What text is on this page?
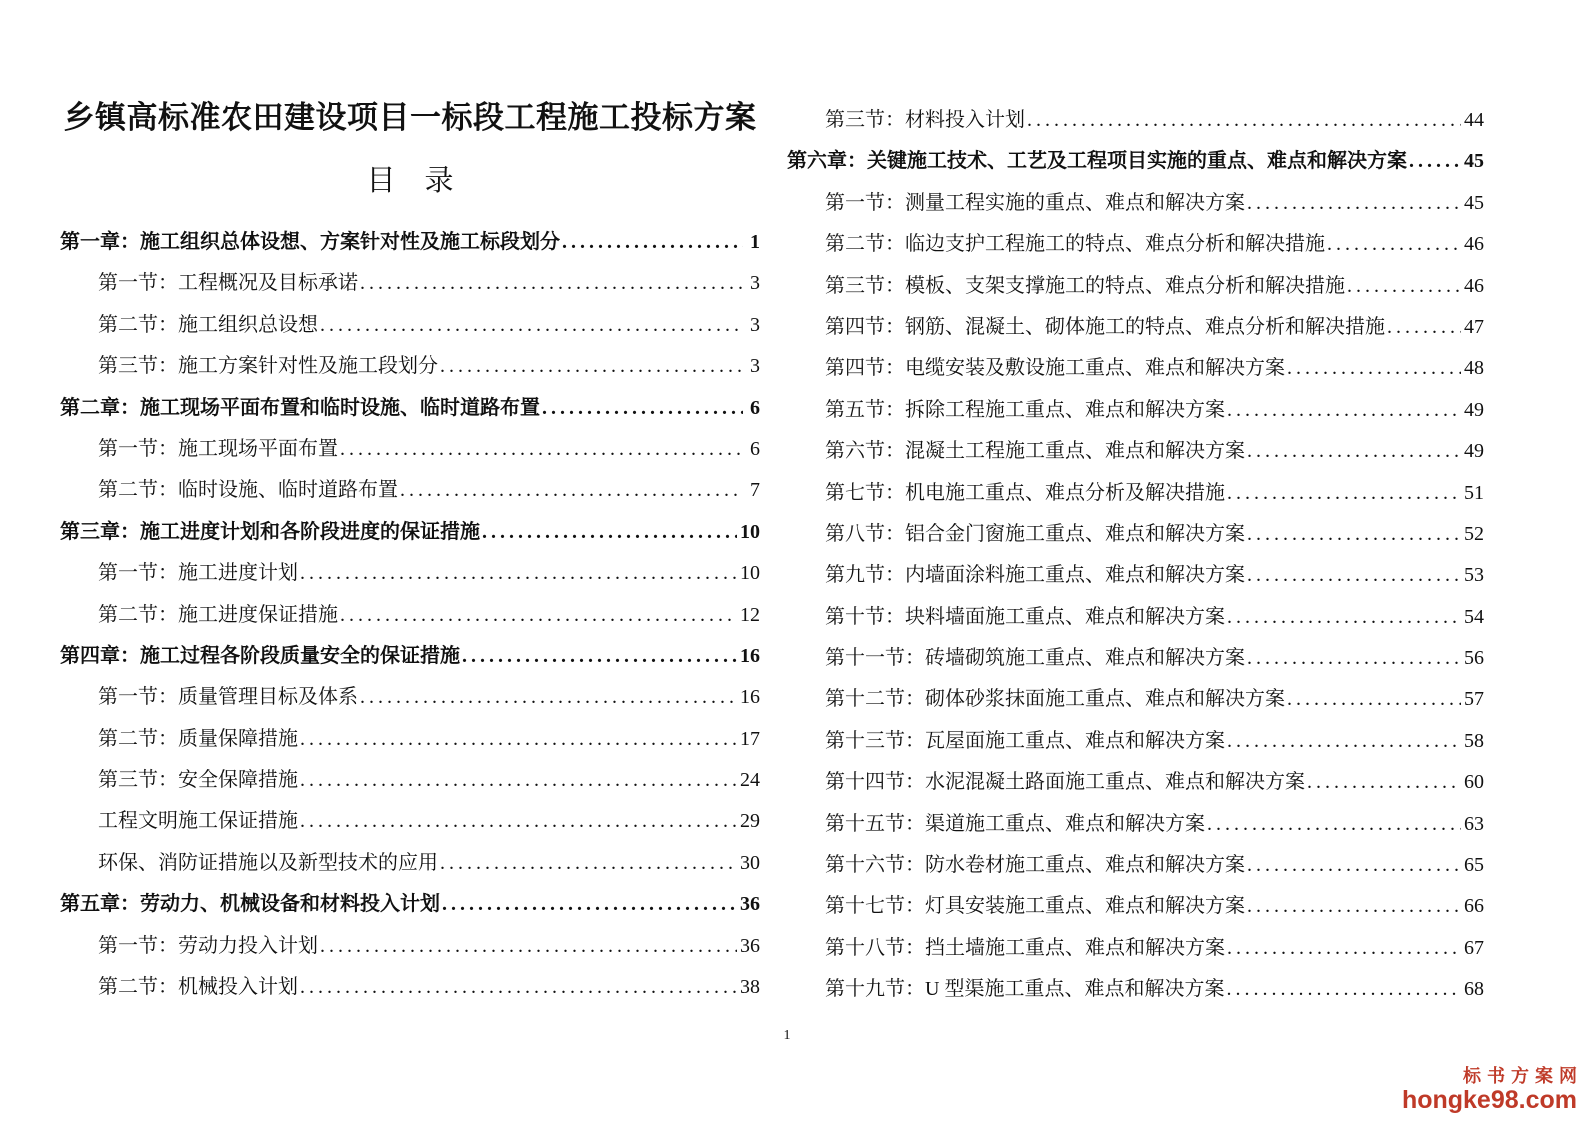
乡镇高标准农田建设项目一标段工程施工投标方案
目　录
第一章：施工组织总体设想、方案针对性及施工标段划分 .....	1
第一节：工程概况及目标承诺 .....	3
第二节：施工组织总设想 .....	3
第三节：施工方案针对性及施工段划分 .....	3
第二章：施工现场平面布置和临时设施、临时道路布置 .....	6
第一节：施工现场平面布置 .....	6
第二节：临时设施、临时道路布置 .....	7
第三章：施工进度计划和各阶段进度的保证措施 .....	10
第一节：施工进度计划 .....	10
第二节：施工进度保证措施 .....	12
第四章：施工过程各阶段质量安全的保证措施 .....	16
第一节：质量管理目标及体系 .....	16
第二节：质量保障措施 .....	17
第三节：安全保障措施 .....	24
工程文明施工保证措施 .....	29
环保、消防证措施以及新型技术的应用 .....	30
第五章：劳动力、机械设备和材料投入计划 .....	36
第一节：劳动力投入计划 .....	36
第二节：机械投入计划 .....	38
第三节：材料投入计划 .....	44
第六章：关键施工技术、工艺及工程项目实施的重点、难点和解决方案 .....	45
第一节：测量工程实施的重点、难点和解决方案 .....	45
第二节：临边支护工程施工的特点、难点分析和解决措施 .....	46
第三节：模板、支架支撑施工的特点、难点分析和解决措施 .....	46
第四节：钢筋、混凝土、砌体施工的特点、难点分析和解决措施 .....	47
第四节：电缆安装及敷设施工重点、难点和解决方案 .....	48
第五节：拆除工程施工重点、难点和解决方案 .....	49
第六节：混凝土工程施工重点、难点和解决方案 .....	49
第七节：机电施工重点、难点分析及解决措施 .....	51
第八节：铝合金门窗施工重点、难点和解决方案 .....	52
第九节：内墙面涂料施工重点、难点和解决方案 .....	53
第十节：块料墙面施工重点、难点和解决方案 .....	54
第十一节：砖墙砌筑施工重点、难点和解决方案 .....	56
第十二节：砌体砂浆抹面施工重点、难点和解决方案 .....	57
第十三节：瓦屋面施工重点、难点和解决方案 .....	58
第十四节：水泥混凝土路面施工重点、难点和解决方案 .....	60
第十五节：渠道施工重点、难点和解决方案 .....	63
第十六节：防水卷材施工重点、难点和解决方案 .....	65
第十七节：灯具安装施工重点、难点和解决方案 .....	66
第十八节：挡土墙施工重点、难点和解决方案 .....	67
第十九节：U 型渠施工重点、难点和解决方案 .....	68
1
标书方案网
hongke98.com
